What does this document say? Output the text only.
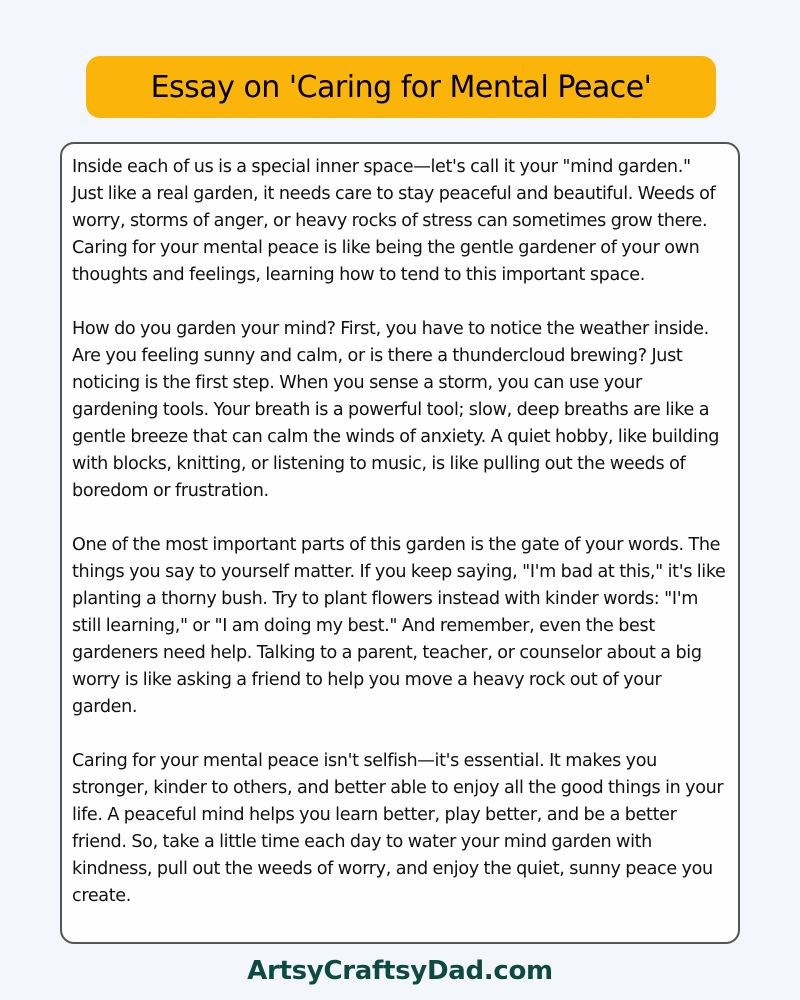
Essay on 'Caring for Mental Peace'

Inside each of us is a special inner space—let's call it your "mind garden." Just like a real garden, it needs care to stay peaceful and beautiful. Weeds of worry, storms of anger, or heavy rocks of stress can sometimes grow there. Caring for your mental peace is like being the gentle gardener of your own thoughts and feelings, learning how to tend to this important space.

How do you garden your mind? First, you have to notice the weather inside. Are you feeling sunny and calm, or is there a thundercloud brewing? Just noticing is the first step. When you sense a storm, you can use your gardening tools. Your breath is a powerful tool; slow, deep breaths are like a gentle breeze that can calm the winds of anxiety. A quiet hobby, like building with blocks, knitting, or listening to music, is like pulling out the weeds of boredom or frustration.

One of the most important parts of this garden is the gate of your words. The things you say to yourself matter. If you keep saying, "I'm bad at this," it's like planting a thorny bush. Try to plant flowers instead with kinder words: "I'm still learning," or "I am doing my best." And remember, even the best gardeners need help. Talking to a parent, teacher, or counselor about a big worry is like asking a friend to help you move a heavy rock out of your garden.

Caring for your mental peace isn't selfish—it's essential. It makes you stronger, kinder to others, and better able to enjoy all the good things in your life. A peaceful mind helps you learn better, play better, and be a better friend. So, take a little time each day to water your mind garden with kindness, pull out the weeds of worry, and enjoy the quiet, sunny peace you create.

ArtsyCraftsyDad.com
